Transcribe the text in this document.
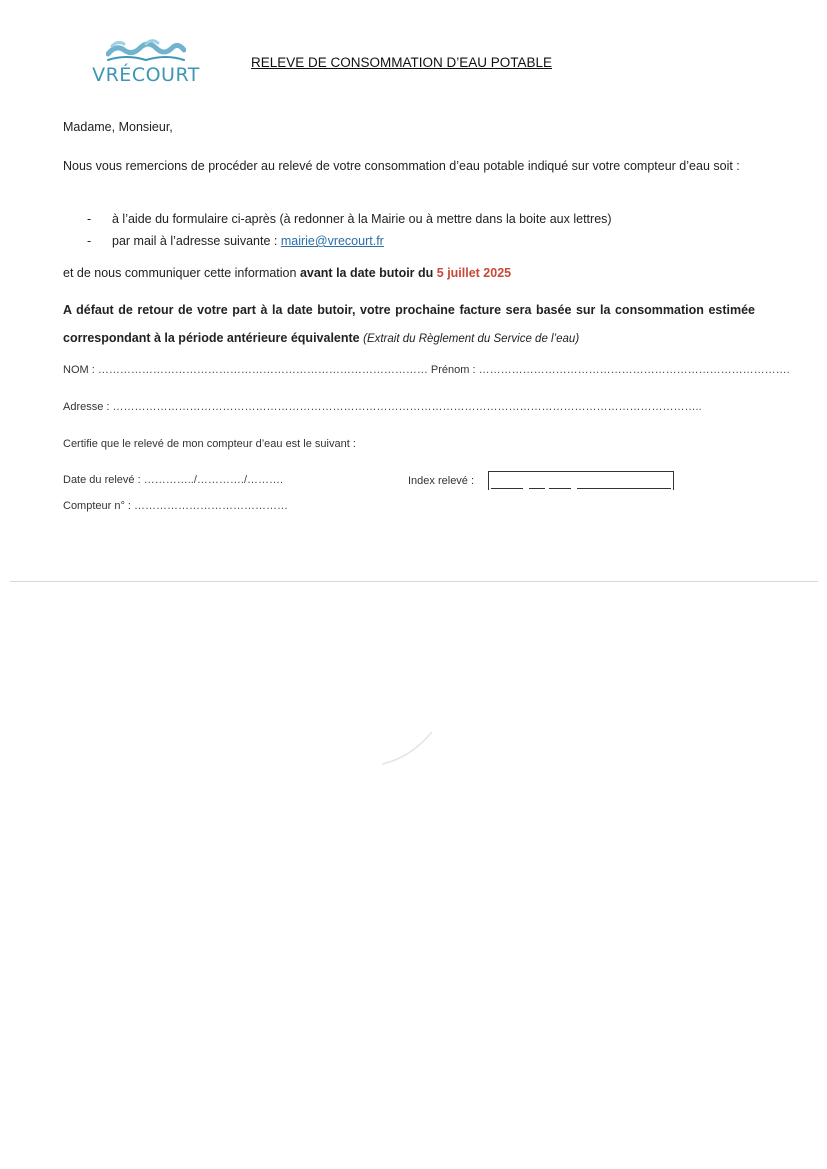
VRÉCOURT
RELEVE DE CONSOMMATION D’EAU POTABLE
Madame, Monsieur,
Nous vous remercions de procéder au relevé de votre consommation d’eau potable indiqué sur votre compteur d’eau soit :
- à l’aide du formulaire ci-après (à redonner à la Mairie ou à mettre dans la boite aux lettres)
- par mail à l’adresse suivante : mairie@vrecourt.fr
et de nous communiquer cette information avant la date butoir du 5 juillet 2025
A défaut de retour de votre part à la date butoir, votre prochaine facture sera basée sur la consommation estimée correspondant à la période antérieure équivalente (Extrait du Règlement du Service de l’eau)
NOM : ……………………………………………………………………………… Prénom : ………………………………………………………………………….
Adresse : ……………………………………………………………………………………………………………………………………………..
Certifie que le relevé de mon compteur d’eau est le suivant :
Date du relevé : …………../…………./……….	Index relevé :
Compteur n° : ……………………………………
